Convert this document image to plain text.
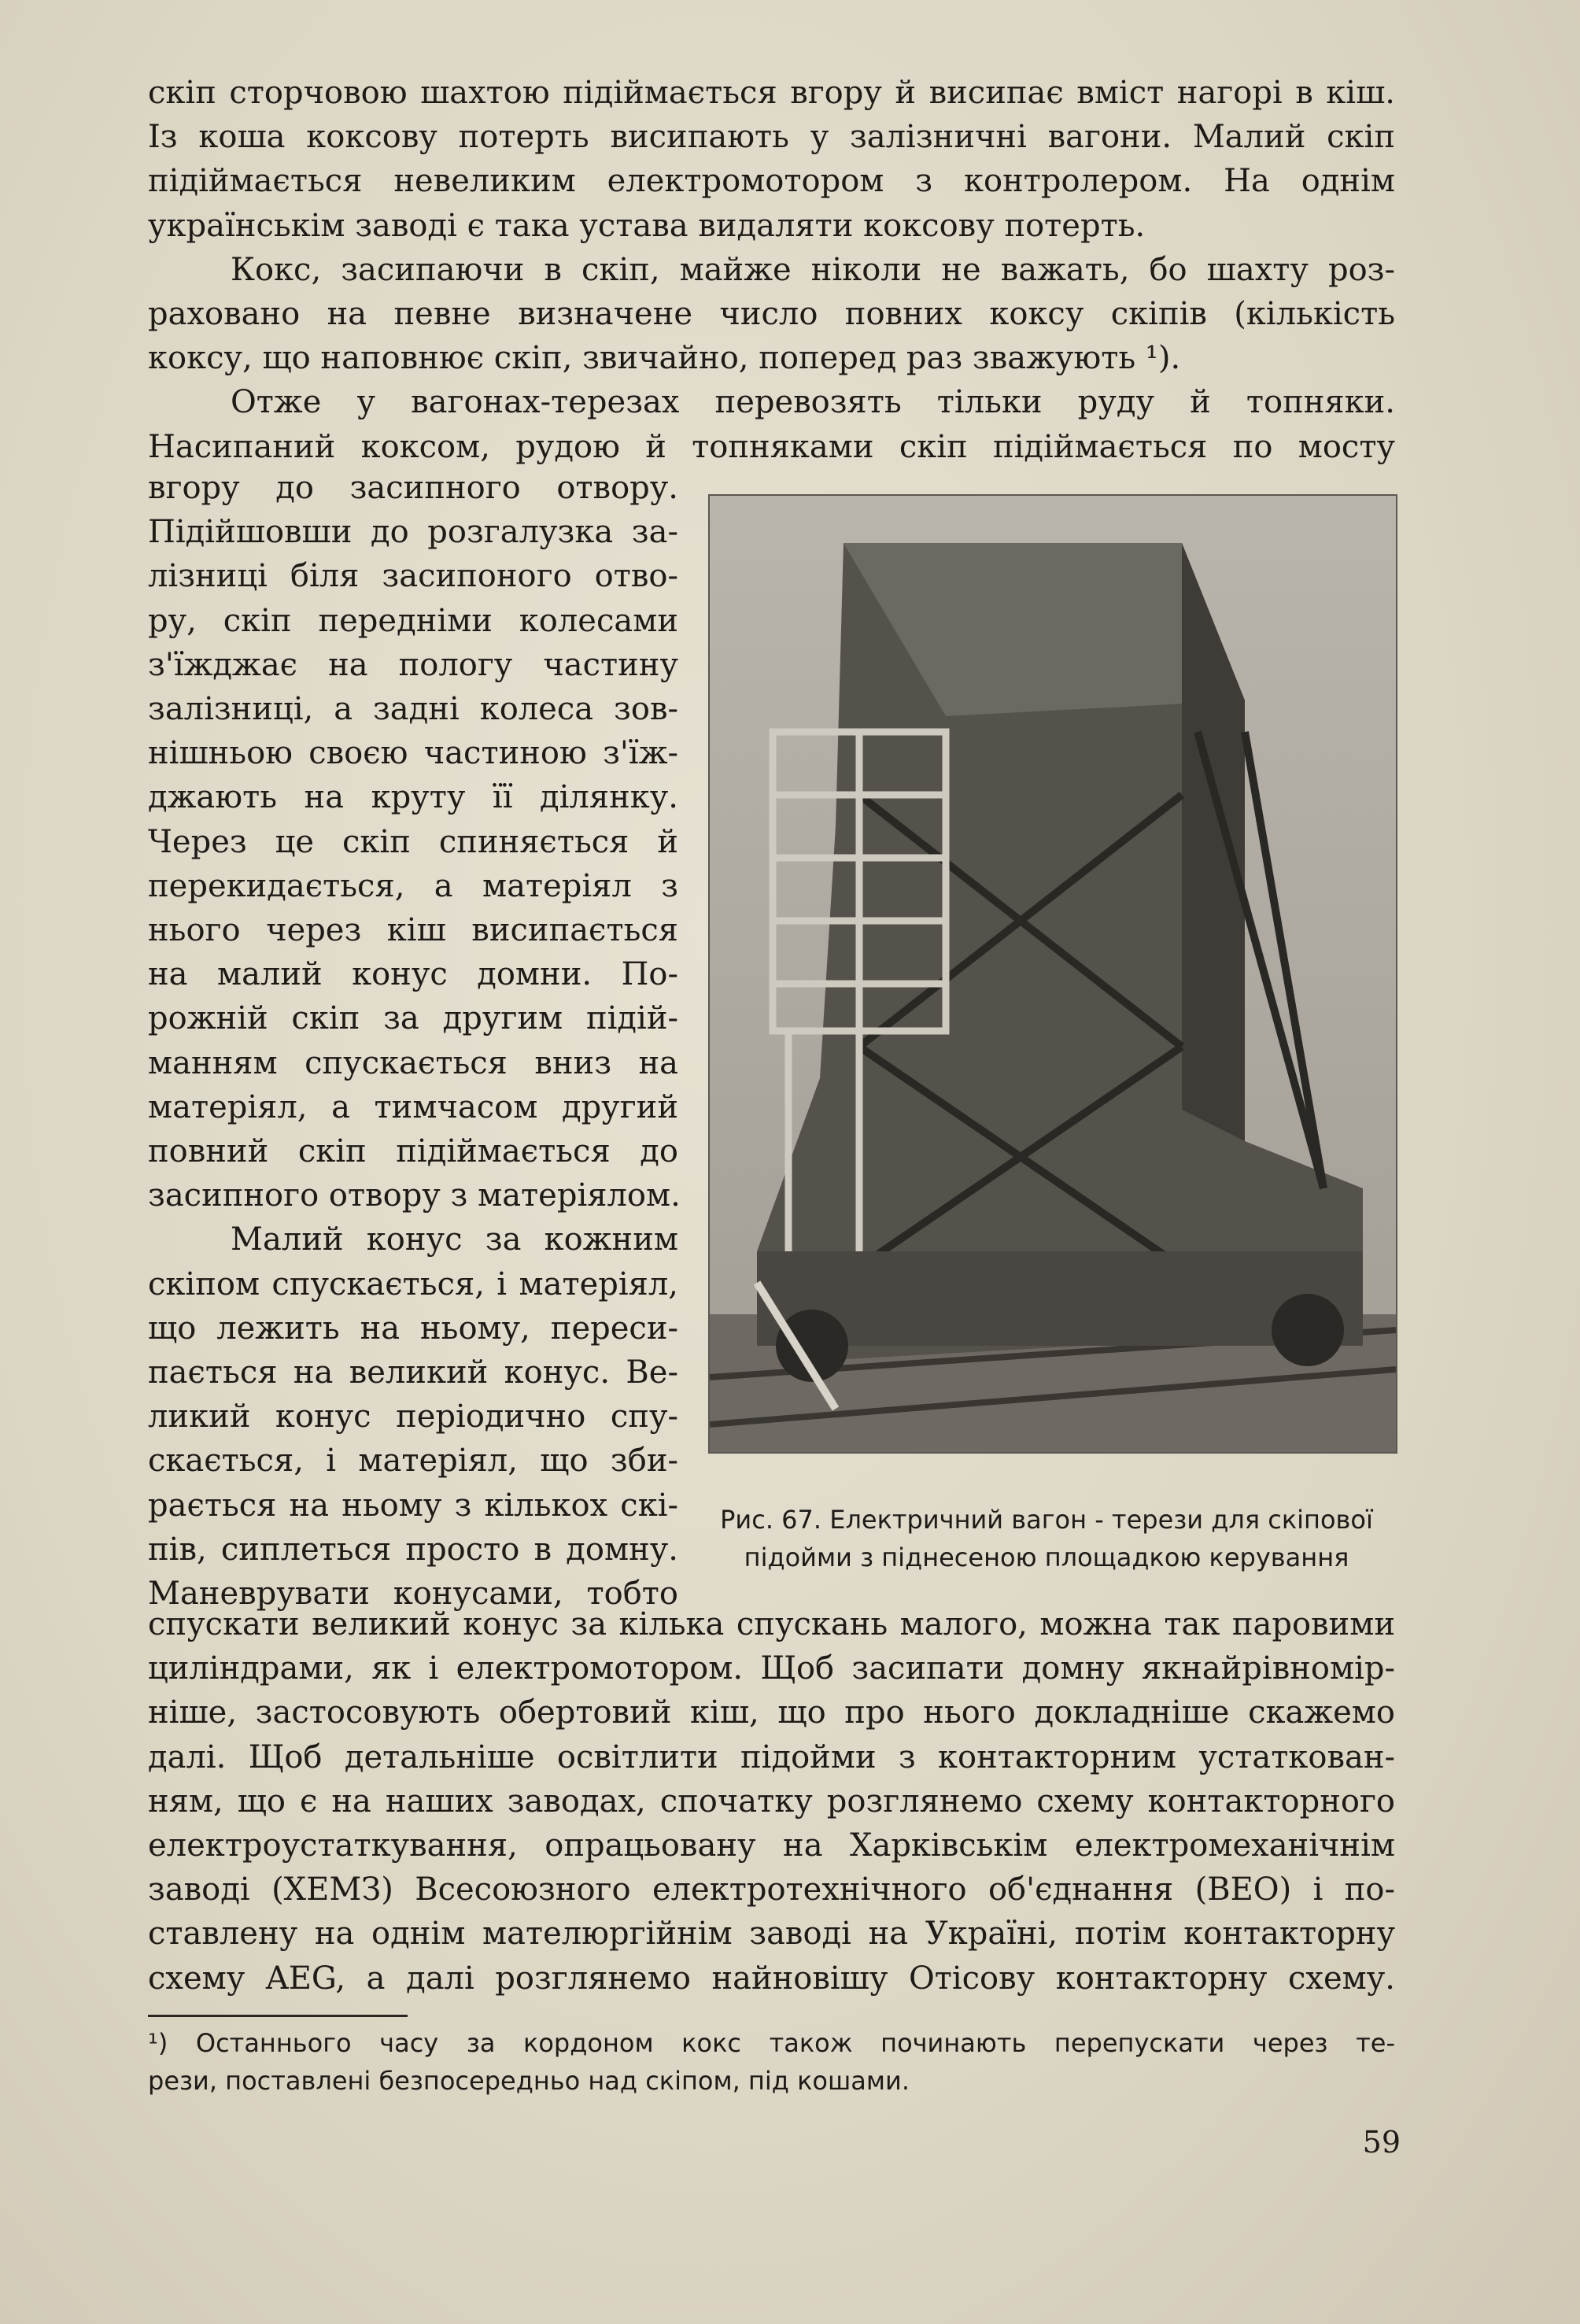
скіп сторчовою шахтою підіймається вгору й висипає вміст нагорі в кіш.
Із коша коксову потерть висипають у залізничні вагони. Малий скіп
підіймається невеликим електромотором з контролером. На однім
українськім заводі є така устава видаляти коксову потерть.

Кокс, засипаючи в скіп, майже ніколи не важать, бо шахту роз-
раховано на певне визначене число повних коксу скіпів (кількість
коксу, що наповнює скіп, звичайно, поперед раз зважують ¹).

Отже у вагонах-терезах перевозять тільки руду й топняки.
Насипаний коксом, рудою й топняками скіп підіймається по мосту

вгору до засипного отвору.
Підійшовши до розгалузка за-
лізниці біля засипоного отво-
ру, скіп передніми колесами
з'їжджає на пологу частину
залізниці, а задні колеса зов-
нішньою своєю частиною з'їж-
джають на круту її ділянку.
Через це скіп спиняється й
перекидається, а матеріял з
нього через кіш висипається
на малий конус домни. По-
рожній скіп за другим підій-
манням спускається вниз на
матеріял, а тимчасом другий
повний скіп підіймається до
засипного отвору з матеріялом.
Малий конус за кожним
скіпом спускається, і матеріял,
що лежить на ньому, переси-
пається на великий конус. Ве-
ликий конус періодично спу-
скається, і матеріял, що зби-
рається на ньому з кількох скі-
пів, сиплеться просто в домну.
Маневрувати конусами, тобто
Рис. 67. Електричний вагон - терези для скіпової
підойми з піднесеною площадкою керування
спускати великий конус за кілька спускань малого, можна так паровими
циліндрами, як і електромотором. Щоб засипати домну якнайрівномір-
ніше, застосовують обертовий кіш, що про нього докладніше скажемо
далі. Щоб детальніше освітлити підойми з контакторним устаткован-
ням, що є на наших заводах, спочатку розглянемо схему контакторного
електроустаткування, опрацьовану на Харківськім електромеханічнім
заводі (ХЕМЗ) Всесоюзного електротехнічного об'єднання (ВЕО) і по-
ставлену на однім мателюргійнім заводі на Україні, потім контакторну
схему AEG, а далі розглянемо найновішу Отісову контакторну схему.
¹) Останнього часу за кордоном кокс також починають перепускати через те-
рези, поставлені безпосередньо над скіпом, під кошами.
59
